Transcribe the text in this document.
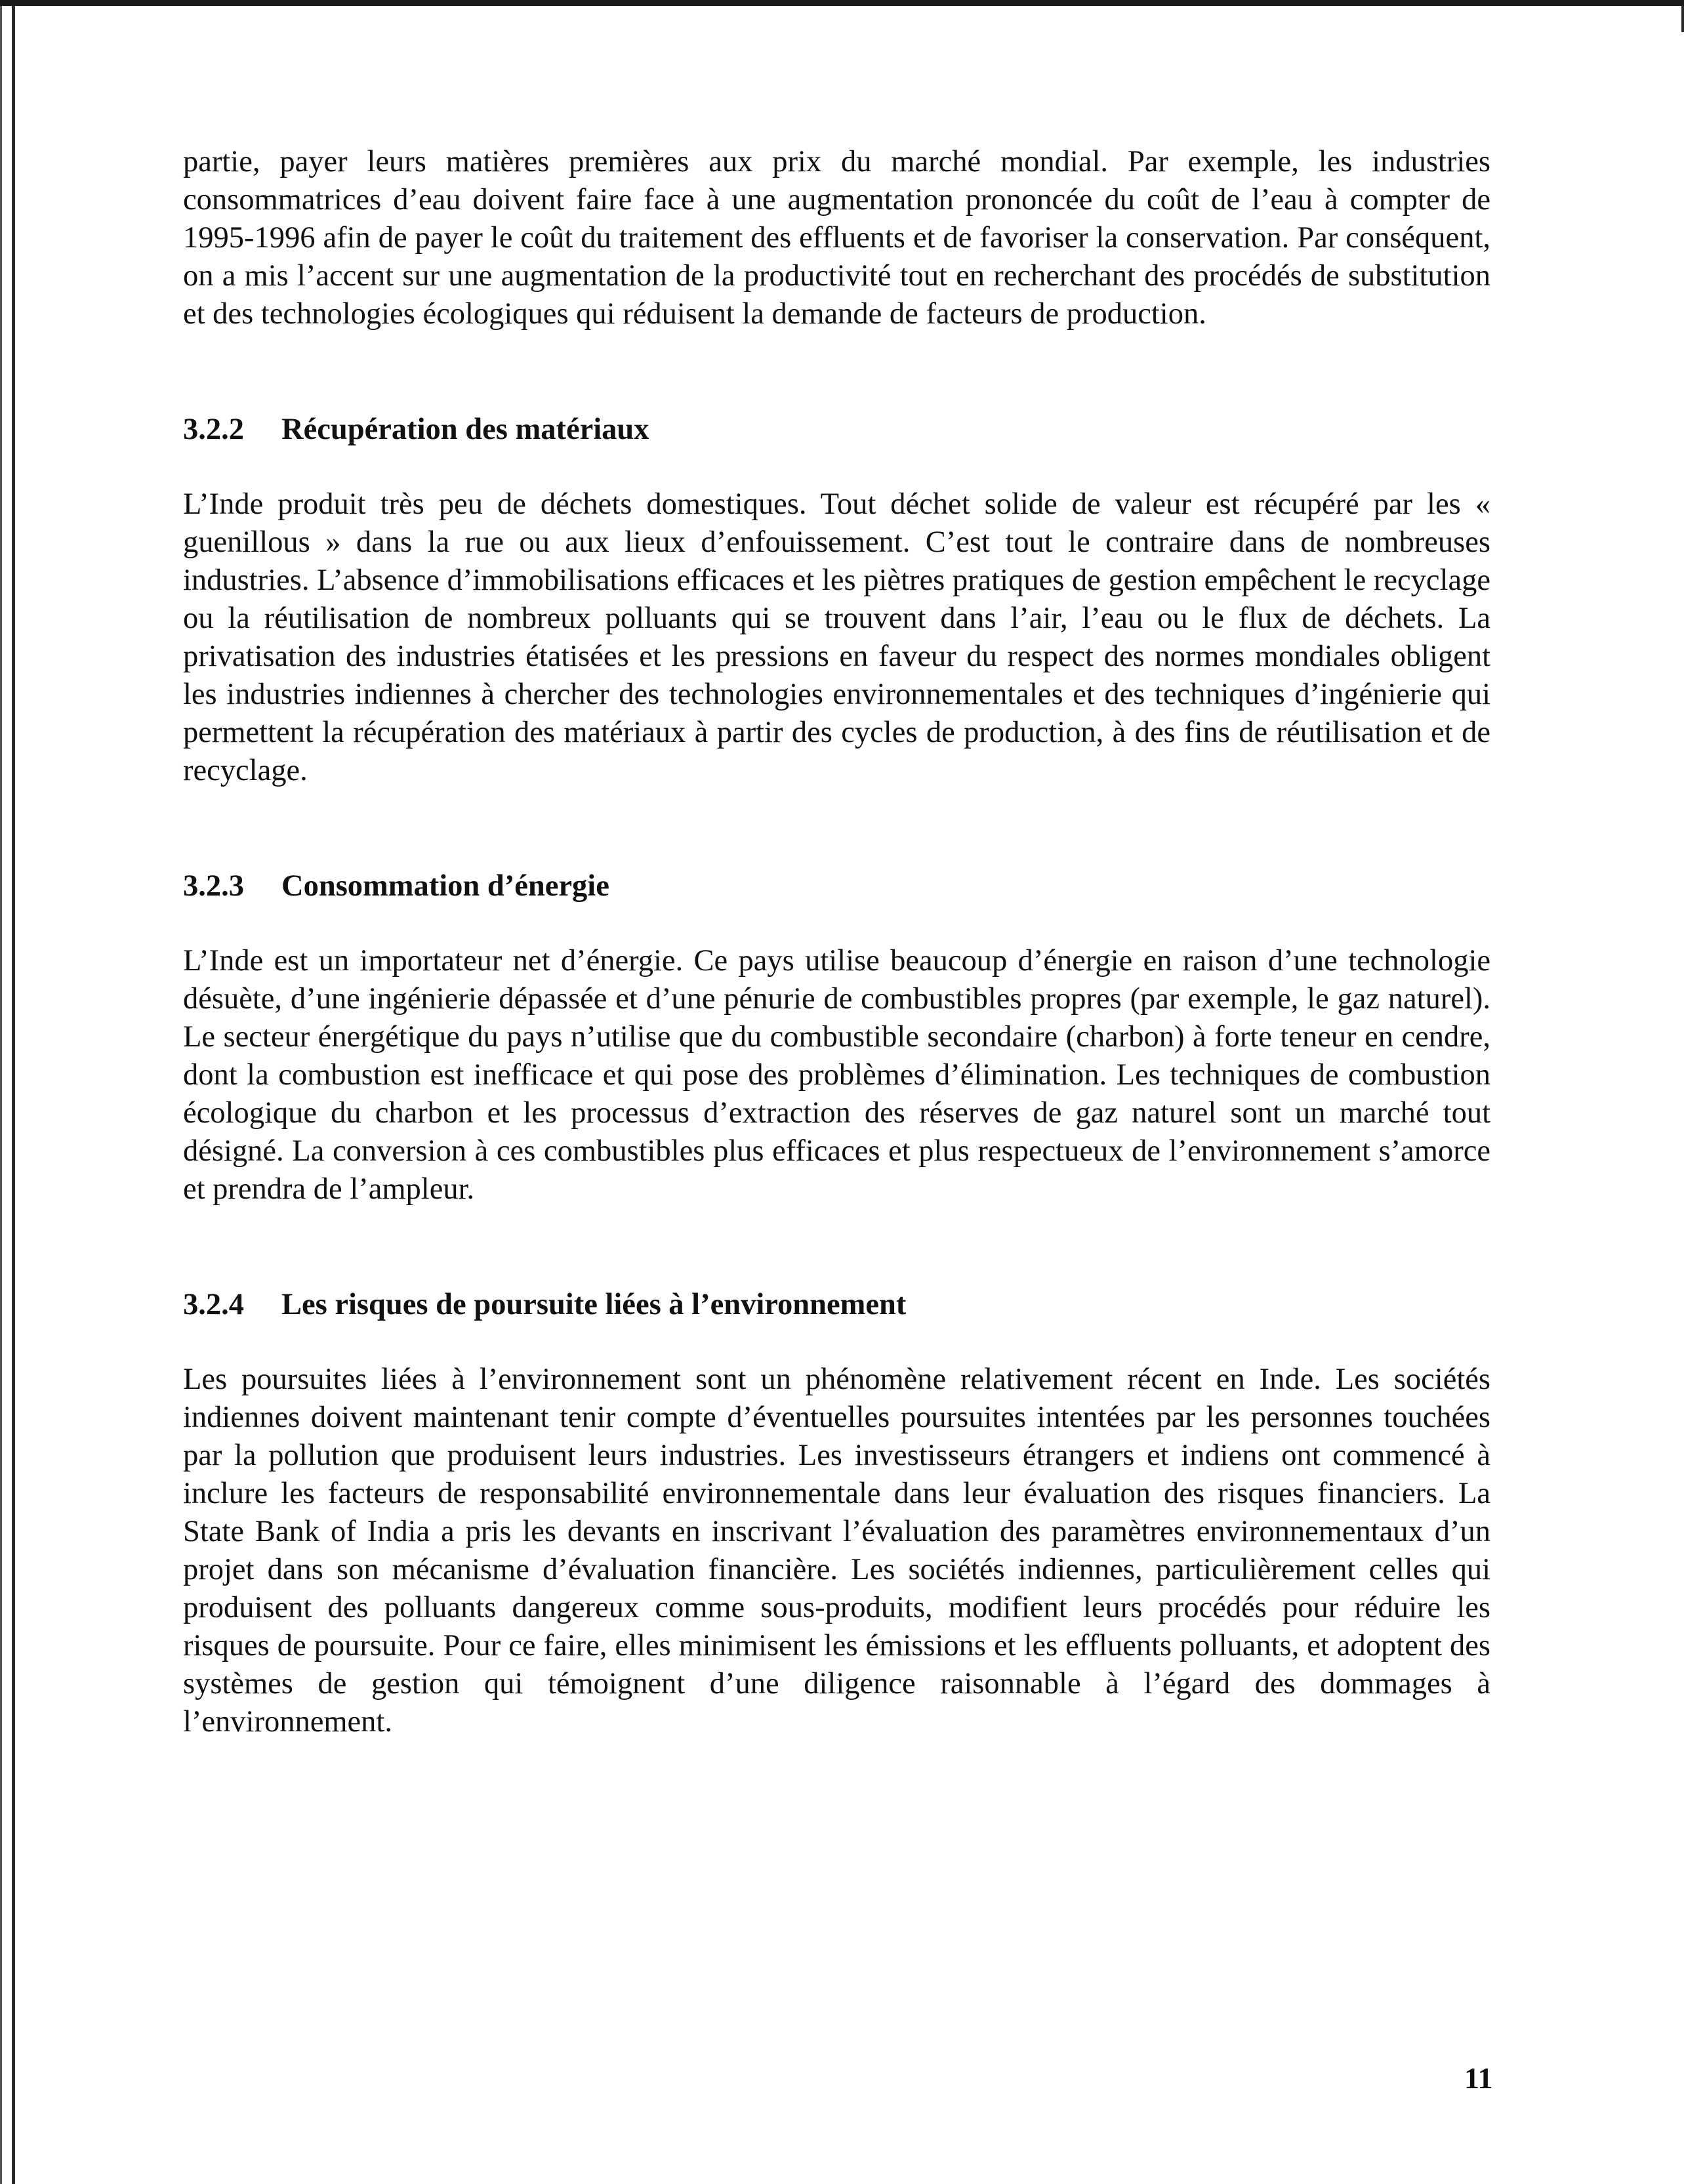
partie, payer leurs matières premières aux prix du marché mondial. Par exemple, les industries consommatrices d’eau doivent faire face à une augmentation prononcée du coût de l’eau à compter de 1995-1996 afin de payer le coût du traitement des effluents et de favoriser la conservation. Par conséquent, on a mis l’accent sur une augmentation de la productivité tout en recherchant des procédés de substitution et des technologies écologiques qui réduisent la demande de facteurs de production.

3.2.2 Récupération des matériaux

L’Inde produit très peu de déchets domestiques. Tout déchet solide de valeur est récupéré par les « guenillous » dans la rue ou aux lieux d’enfouissement. C’est tout le contraire dans de nombreuses industries. L’absence d’immobilisations efficaces et les piètres pratiques de gestion empêchent le recyclage ou la réutilisation de nombreux polluants qui se trouvent dans l’air, l’eau ou le flux de déchets. La privatisation des industries étatisées et les pressions en faveur du respect des normes mondiales obligent les industries indiennes à chercher des technologies environnementales et des techniques d’ingénierie qui permettent la récupération des matériaux à partir des cycles de production, à des fins de réutilisation et de recyclage.

3.2.3 Consommation d’énergie

L’Inde est un importateur net d’énergie. Ce pays utilise beaucoup d’énergie en raison d’une technologie désuète, d’une ingénierie dépassée et d’une pénurie de combustibles propres (par exemple, le gaz naturel). Le secteur énergétique du pays n’utilise que du combustible secondaire (charbon) à forte teneur en cendre, dont la combustion est inefficace et qui pose des problèmes d’élimination. Les techniques de combustion écologique du charbon et les processus d’extraction des réserves de gaz naturel sont un marché tout désigné. La conversion à ces combustibles plus efficaces et plus respectueux de l’environnement s’amorce et prendra de l’ampleur.

3.2.4 Les risques de poursuite liées à l’environnement

Les poursuites liées à l’environnement sont un phénomène relativement récent en Inde. Les sociétés indiennes doivent maintenant tenir compte d’éventuelles poursuites intentées par les personnes touchées par la pollution que produisent leurs industries. Les investisseurs étrangers et indiens ont commencé à inclure les facteurs de responsabilité environnementale dans leur évaluation des risques financiers. La State Bank of India a pris les devants en inscrivant l’évaluation des paramètres environnementaux d’un projet dans son mécanisme d’évaluation financière. Les sociétés indiennes, particulièrement celles qui produisent des polluants dangereux comme sous-produits, modifient leurs procédés pour réduire les risques de poursuite. Pour ce faire, elles minimisent les émissions et les effluents polluants, et adoptent des systèmes de gestion qui témoignent d’une diligence raisonnable à l’égard des dommages à l’environnement.

11
